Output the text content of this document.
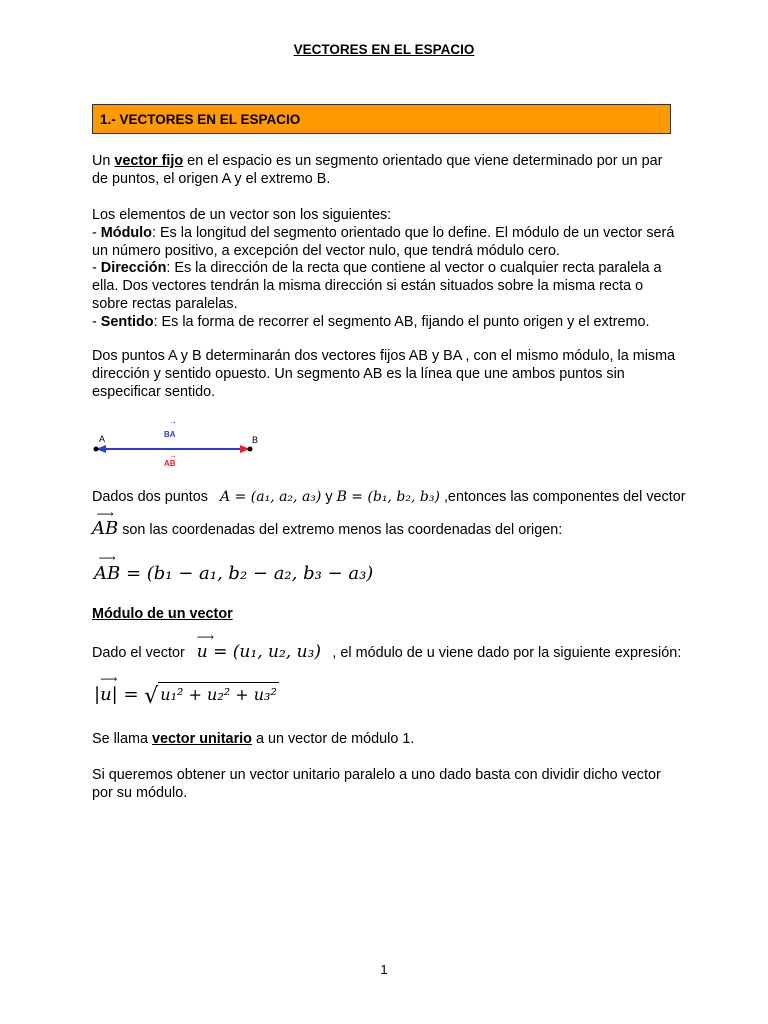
VECTORES EN EL ESPACIO
1.- VECTORES EN EL ESPACIO
Un vector fijo en el espacio es un segmento orientado que viene determinado por un par de puntos, el origen A y el extremo B.
Los elementos de un vector son los siguientes:
- Módulo: Es la longitud del segmento orientado que lo define. El módulo de un vector será un número positivo, a excepción del vector nulo, que tendrá módulo cero.
- Dirección: Es la dirección de la recta que contiene al vector o cualquier recta paralela a ella. Dos vectores tendrán la misma dirección si están situados sobre la misma recta o sobre rectas paralelas.
- Sentido: Es la forma de recorrer el segmento AB, fijando el punto origen y el extremo.
Dos puntos A y B determinarán dos vectores fijos AB y BA , con el mismo módulo, la misma dirección y sentido opuesto. Un segmento AB es la línea que une ambos puntos sin especificar sentido.
A	B
→
BA
→
AB
Dados dos puntos A = (a₁, a₂, a₃) y B = (b₁, b₂, b₃) ,entonces las componentes del vector
⟶ AB son las coordenadas del extremo menos las coordenadas del origen:
⟶ AB = (b₁ − a₁, b₂ − a₂, b₃ − a₃)
Módulo de un vector
Dado el vector ⟶ u = (u₁, u₂, u₃) , el módulo de u viene dado por la siguiente expresión:
|⟶ u| = √ u₁² + u₂² + u₃²
Se llama vector unitario a un vector de módulo 1.
Si queremos obtener un vector unitario paralelo a uno dado basta con dividir dicho vector por su módulo.
1
